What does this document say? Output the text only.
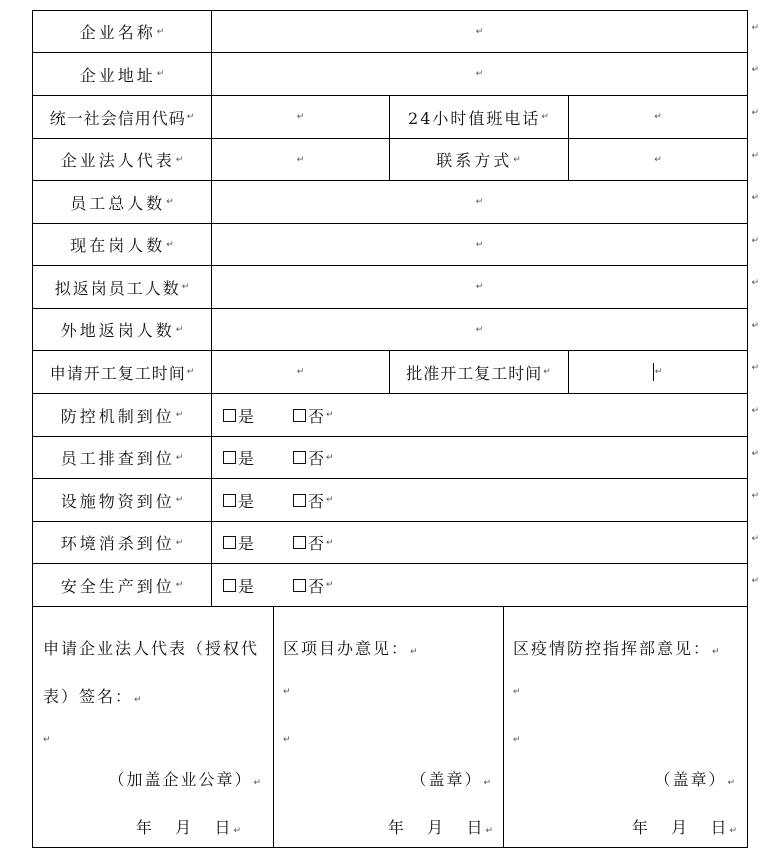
企业名称 ↵	↵	↵
企业地址 ↵	↵	↵
统一社会信用代码 ↵	↵	24小时值班电话 ↵	↵	↵
企业法人代表 ↵	↵	联系方式 ↵	↵	↵
员工总人数 ↵	↵	↵
现在岗人数 ↵	↵	↵
拟返岗员工人数 ↵	↵	↵
外地返岗人数 ↵	↵	↵
申请开工复工时间 ↵	↵	批准开工复工时间 ↵	↵	↵
防控机制到位 ↵	是	否 ↵	↵
员工排查到位 ↵	是	否 ↵	↵
设施物资到位 ↵	是	否 ↵	↵
环境消杀到位 ↵	是	否 ↵	↵
安全生产到位 ↵	是	否 ↵	↵
申请企业法人代表（授权代表）签名：↵
↵
（加盖企业公章）↵
年   月   日↵
区项目办意见：↵
↵
↵
（盖章）↵
年   月   日↵
区疫情防控指挥部意见：↵
↵
↵
（盖章）↵
年   月   日↵
